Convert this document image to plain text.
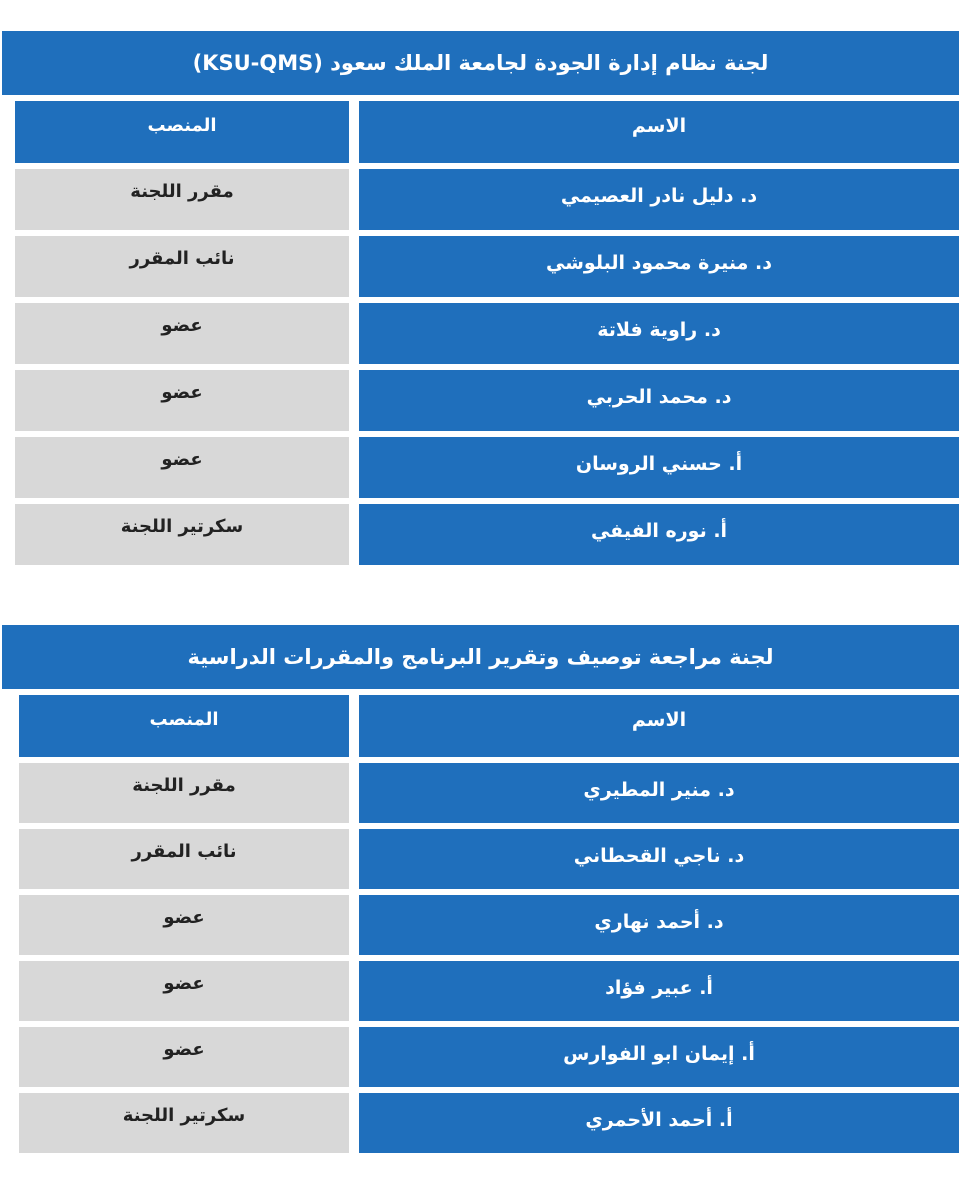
لجنة نظام إدارة الجودة لجامعة الملك سعود (KSU-QMS)
الاسم
المنصب
د. دليل نادر العصيمي
مقرر اللجنة
د. منيرة محمود البلوشي
نائب المقرر
د. راوية فلاتة
عضو
د. محمد الحربي
عضو
أ. حسني الروسان
عضو
أ. نوره الفيفي
سكرتير اللجنة
لجنة مراجعة توصيف وتقرير البرنامج والمقررات الدراسية
الاسم
المنصب
د. منير المطيري
مقرر اللجنة
د. ناجي القحطاني
نائب المقرر
د. أحمد نهاري
عضو
أ. عبير فؤاد
عضو
أ. إيمان ابو الفوارس
عضو
أ. أحمد الأحمري
سكرتير اللجنة
